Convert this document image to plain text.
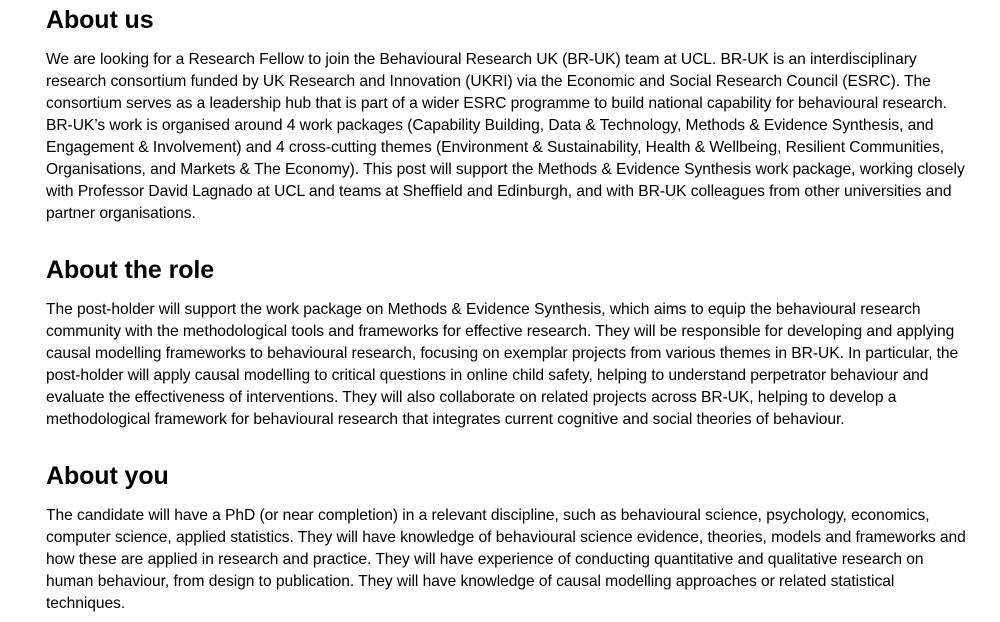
About us

We are looking for a Research Fellow to join the Behavioural Research UK (BR-UK) team at UCL. BR-UK is an interdisciplinary research consortium funded by UK Research and Innovation (UKRI) via the Economic and Social Research Council (ESRC). The consortium serves as a leadership hub that is part of a wider ESRC programme to build national capability for behavioural research. BR-UK’s work is organised around 4 work packages (Capability Building, Data & Technology, Methods & Evidence Synthesis, and Engagement & Involvement) and 4 cross-cutting themes (Environment & Sustainability, Health & Wellbeing, Resilient Communities, Organisations, and Markets & The Economy). This post will support the Methods & Evidence Synthesis work package, working closely with Professor David Lagnado at UCL and teams at Sheffield and Edinburgh, and with BR-UK colleagues from other universities and partner organisations.

About the role

The post-holder will support the work package on Methods & Evidence Synthesis, which aims to equip the behavioural research community with the methodological tools and frameworks for effective research. They will be responsible for developing and applying causal modelling frameworks to behavioural research, focusing on exemplar projects from various themes in BR-UK. In particular, the post-holder will apply causal modelling to critical questions in online child safety, helping to understand perpetrator behaviour and evaluate the effectiveness of interventions. They will also collaborate on related projects across BR-UK, helping to develop a methodological framework for behavioural research that integrates current cognitive and social theories of behaviour.

About you

The candidate will have a PhD (or near completion) in a relevant discipline, such as behavioural science, psychology, economics, computer science, applied statistics. They will have knowledge of behavioural science evidence, theories, models and frameworks and how these are applied in research and practice. They will have experience of conducting quantitative and qualitative research on human behaviour, from design to publication. They will have knowledge of causal modelling approaches or related statistical techniques.
